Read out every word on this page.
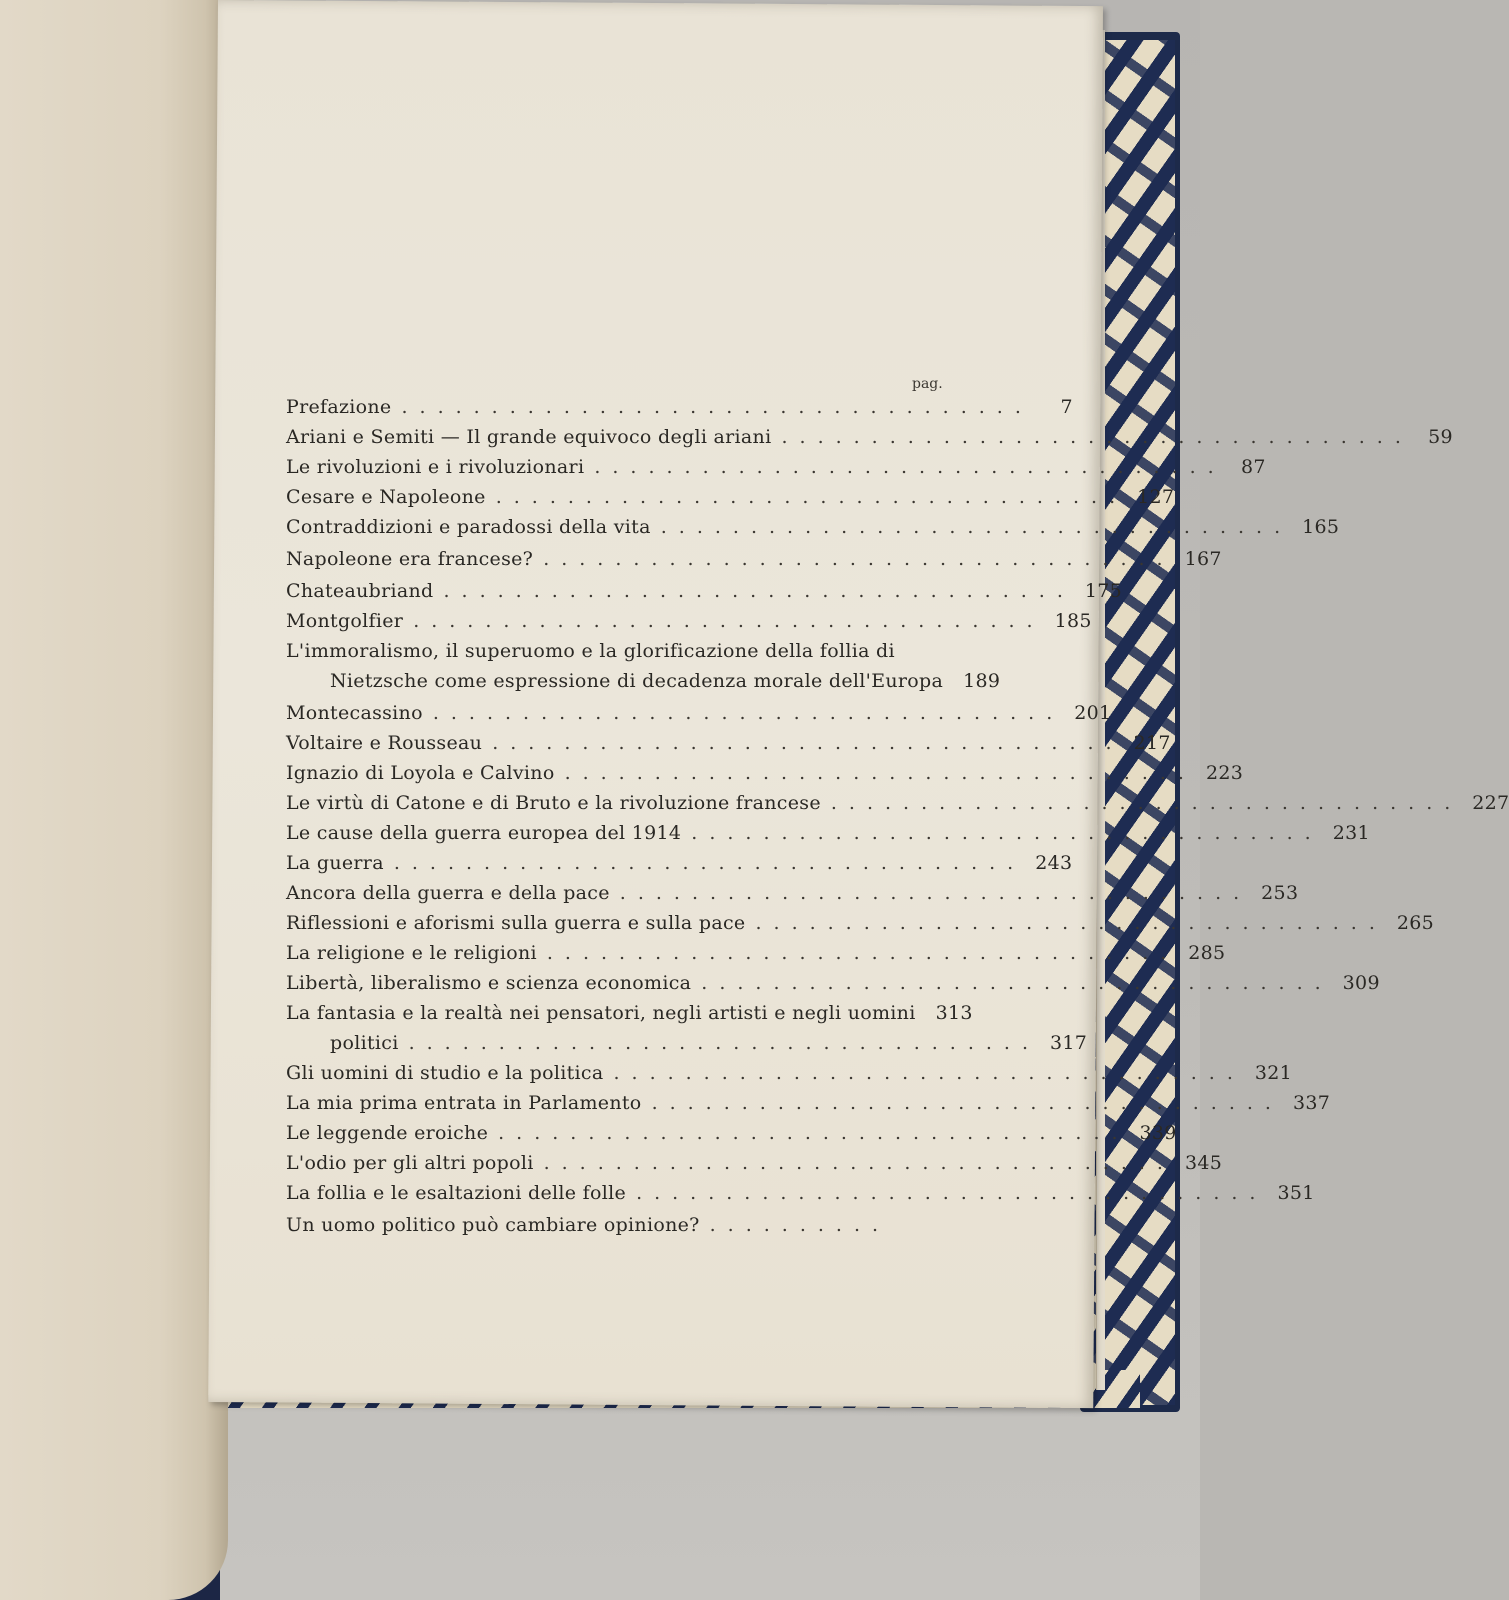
pag.
Prefazione ...................................	7
Ariani e Semiti — Il grande equivoco degli ariani ................................... 59
Le rivoluzioni e i rivoluzionari ................................... 87
Cesare e Napoleone ................................... 127
Contraddizioni e paradossi della vita ................................... 165
Napoleone era francese? ................................... 167
Chateaubriand ................................... 175
Montgolfier ................................... 185
L'immoralismo, il superuomo e la glorificazione della follia di
Nietzsche come espressione di decadenza morale dell'Europa 189
Montecassino ................................... 201
Voltaire e Rousseau ................................... 217
Ignazio di Loyola e Calvino ................................... 223
Le virtù di Catone e di Bruto e la rivoluzione francese ................................... 227
Le cause della guerra europea del 1914 ................................... 231
La guerra ................................... 243
Ancora della guerra e della pace ................................... 253
Riflessioni e aforismi sulla guerra e sulla pace ................................... 265
La religione e le religioni ................................... 285
Libertà, liberalismo e scienza economica ................................... 309
La fantasia e la realtà nei pensatori, negli artisti e negli uomini 313
politici ................................... 317
Gli uomini di studio e la politica ................................... 321
La mia prima entrata in Parlamento ................................... 337
Le leggende eroiche ................................... 339
L'odio per gli altri popoli ................................... 345
La follia e le esaltazioni delle folle ................................... 351
Un uomo politico può cambiare opinione? ..........
